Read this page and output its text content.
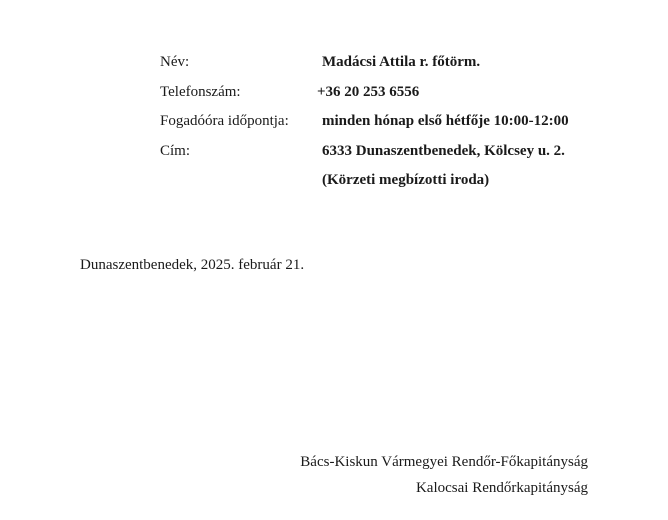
Név:	Madácsi Attila r. főtörm.
Telefonszám:	+36 20 253 6556
Fogadóóra időpontja: minden hónap első hétfője 10:00-12:00
Cím:	6333 Dunaszentbenedek, Kölcsey u. 2.
(Körzeti megbízotti iroda)
Dunaszentbenedek, 2025. február 21.
Bács-Kiskun Vármegyei Rendőr-Főkapitányság
Kalocsai Rendőrkapitányság
